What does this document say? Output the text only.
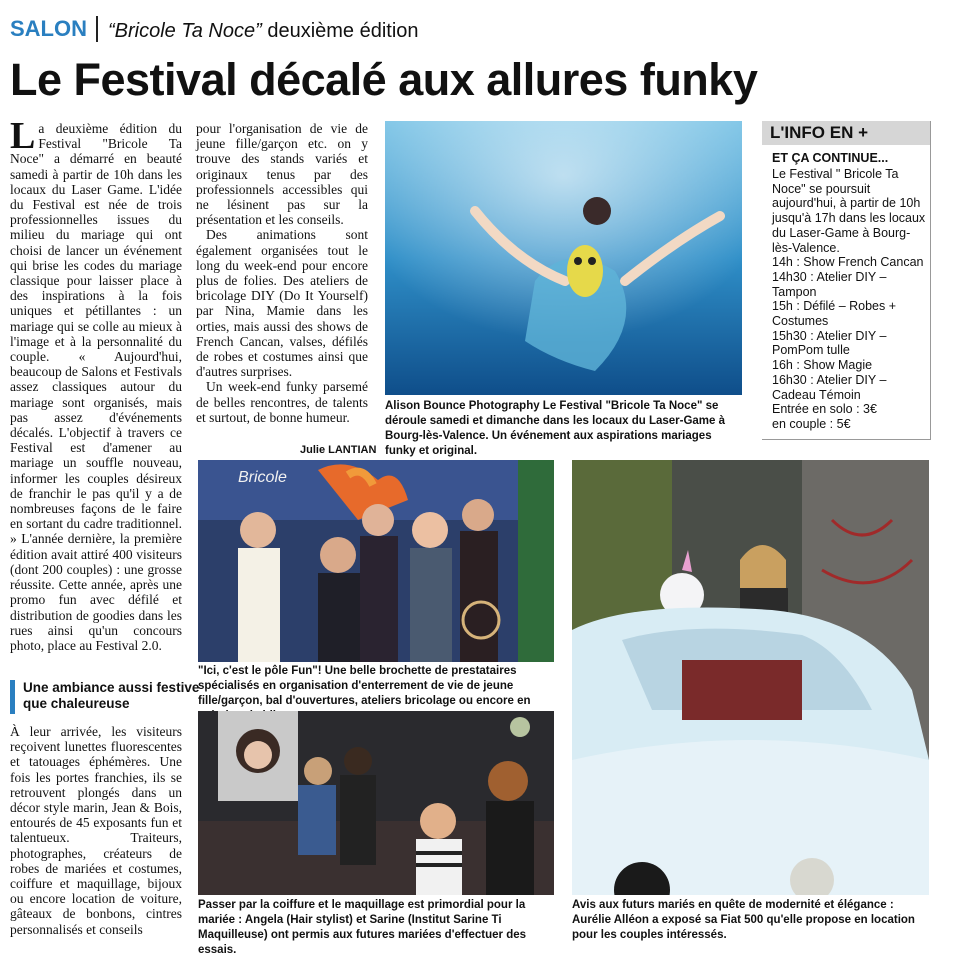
SALON “Bricole Ta Noce” deuxième édition
Le Festival décalé aux allures funky
L a deuxième édition du Festival "Bricole Ta Noce" a démarré en beauté samedi à partir de 10h dans les locaux du Laser Game. L'idée du Festival est née de trois professionnelles issues du milieu du mariage qui ont choisi de lancer un événement qui brise les codes du mariage classique pour laisser place à des inspirations à la fois uniques et pétillantes : un mariage qui se colle au mieux à l'image et à la personnalité du couple. « Aujourd'hui, beaucoup de Salons et Festivals assez classiques autour du mariage sont organisés, mais pas assez d'événements décalés. L'objectif à travers ce Festival est d'amener au mariage un souffle nouveau, informer les couples désireux de franchir le pas qu'il y a de nombreuses façons de le faire en sortant du cadre traditionnel. » L'année dernière, la première édition avait attiré 400 visiteurs (dont 200 couples) : une grosse réussite. Cette année, après une promo fun avec défilé et distribution de goodies dans les rues ainsi qu'un concours photo, place au Festival 2.0.

Une ambiance aussi festive que chaleureuse

À leur arrivée, les visiteurs reçoivent lunettes fluorescentes et tatouages éphémères. Une fois les portes franchies, ils se retrouvent plongés dans un décor style marin, Jean & Bois, entourés de 45 exposants fun et talentueux. Traiteurs, photographes, créateurs de robes de mariées et costumes, coiffure et maquillage, bijoux ou encore location de voiture, gâteaux de bonbons, cintres personnalisés et conseils

pour l'organisation de vie de jeune fille/garçon etc. on y trouve des stands variés et originaux tenus par des professionnels accessibles qui ne lésinent pas sur la présentation et les conseils.

Des animations sont également organisées tout le long du week-end pour encore plus de folies. Des ateliers de bricolage DIY (Do It Yourself) par Nina, Mamie dans les orties, mais aussi des shows de French Cancan, valses, défilés de robes et costumes ainsi que d'autres surprises.

Un week-end funky parsemé de belles rencontres, de talents et surtout, de bonne humeur.

Julie LANTIAN
Alison Bounce Photography Le Festival "Bricole Ta Noce" se déroule samedi et dimanche dans les locaux du Laser-Game à Bourg-lès-Valence. Un événement aux aspirations mariages funky et original.
L'INFO EN +
ET ÇA CONTINUE...
Le Festival " Bricole Ta Noce" se poursuit aujourd'hui, à partir de 10h jusqu'à 17h dans les locaux du Laser-Game à Bourg-lès-Valence.
14h : Show French Cancan
14h30 : Atelier DIY – Tampon
15h : Défilé – Robes + Costumes
15h30 : Atelier DIY – PomPom tulle
16h : Show Magie
16h30 : Atelier DIY – Cadeau Témoin
Entrée en solo : 3€
en couple : 5€
Bricole
"Ici, c'est le pôle Fun"! Une belle brochette de prestataires spécialisés en organisation d'enterrement de vie de jeune fille/garçon, bal d'ouvertures, ateliers bricolage ou encore en
Passer par la coiffure et le maquillage est primordial pour la mariée : Angela (Hair stylist) et Sarine (Institut Sarine Ti Maquilleuse) ont permis aux futures mariées d'effectuer des essais.
Avis aux futurs mariés en quête de modernité et élégance : Aurélie Alléon a exposé sa Fiat 500 qu'elle propose en location pour les couples intéressés.
